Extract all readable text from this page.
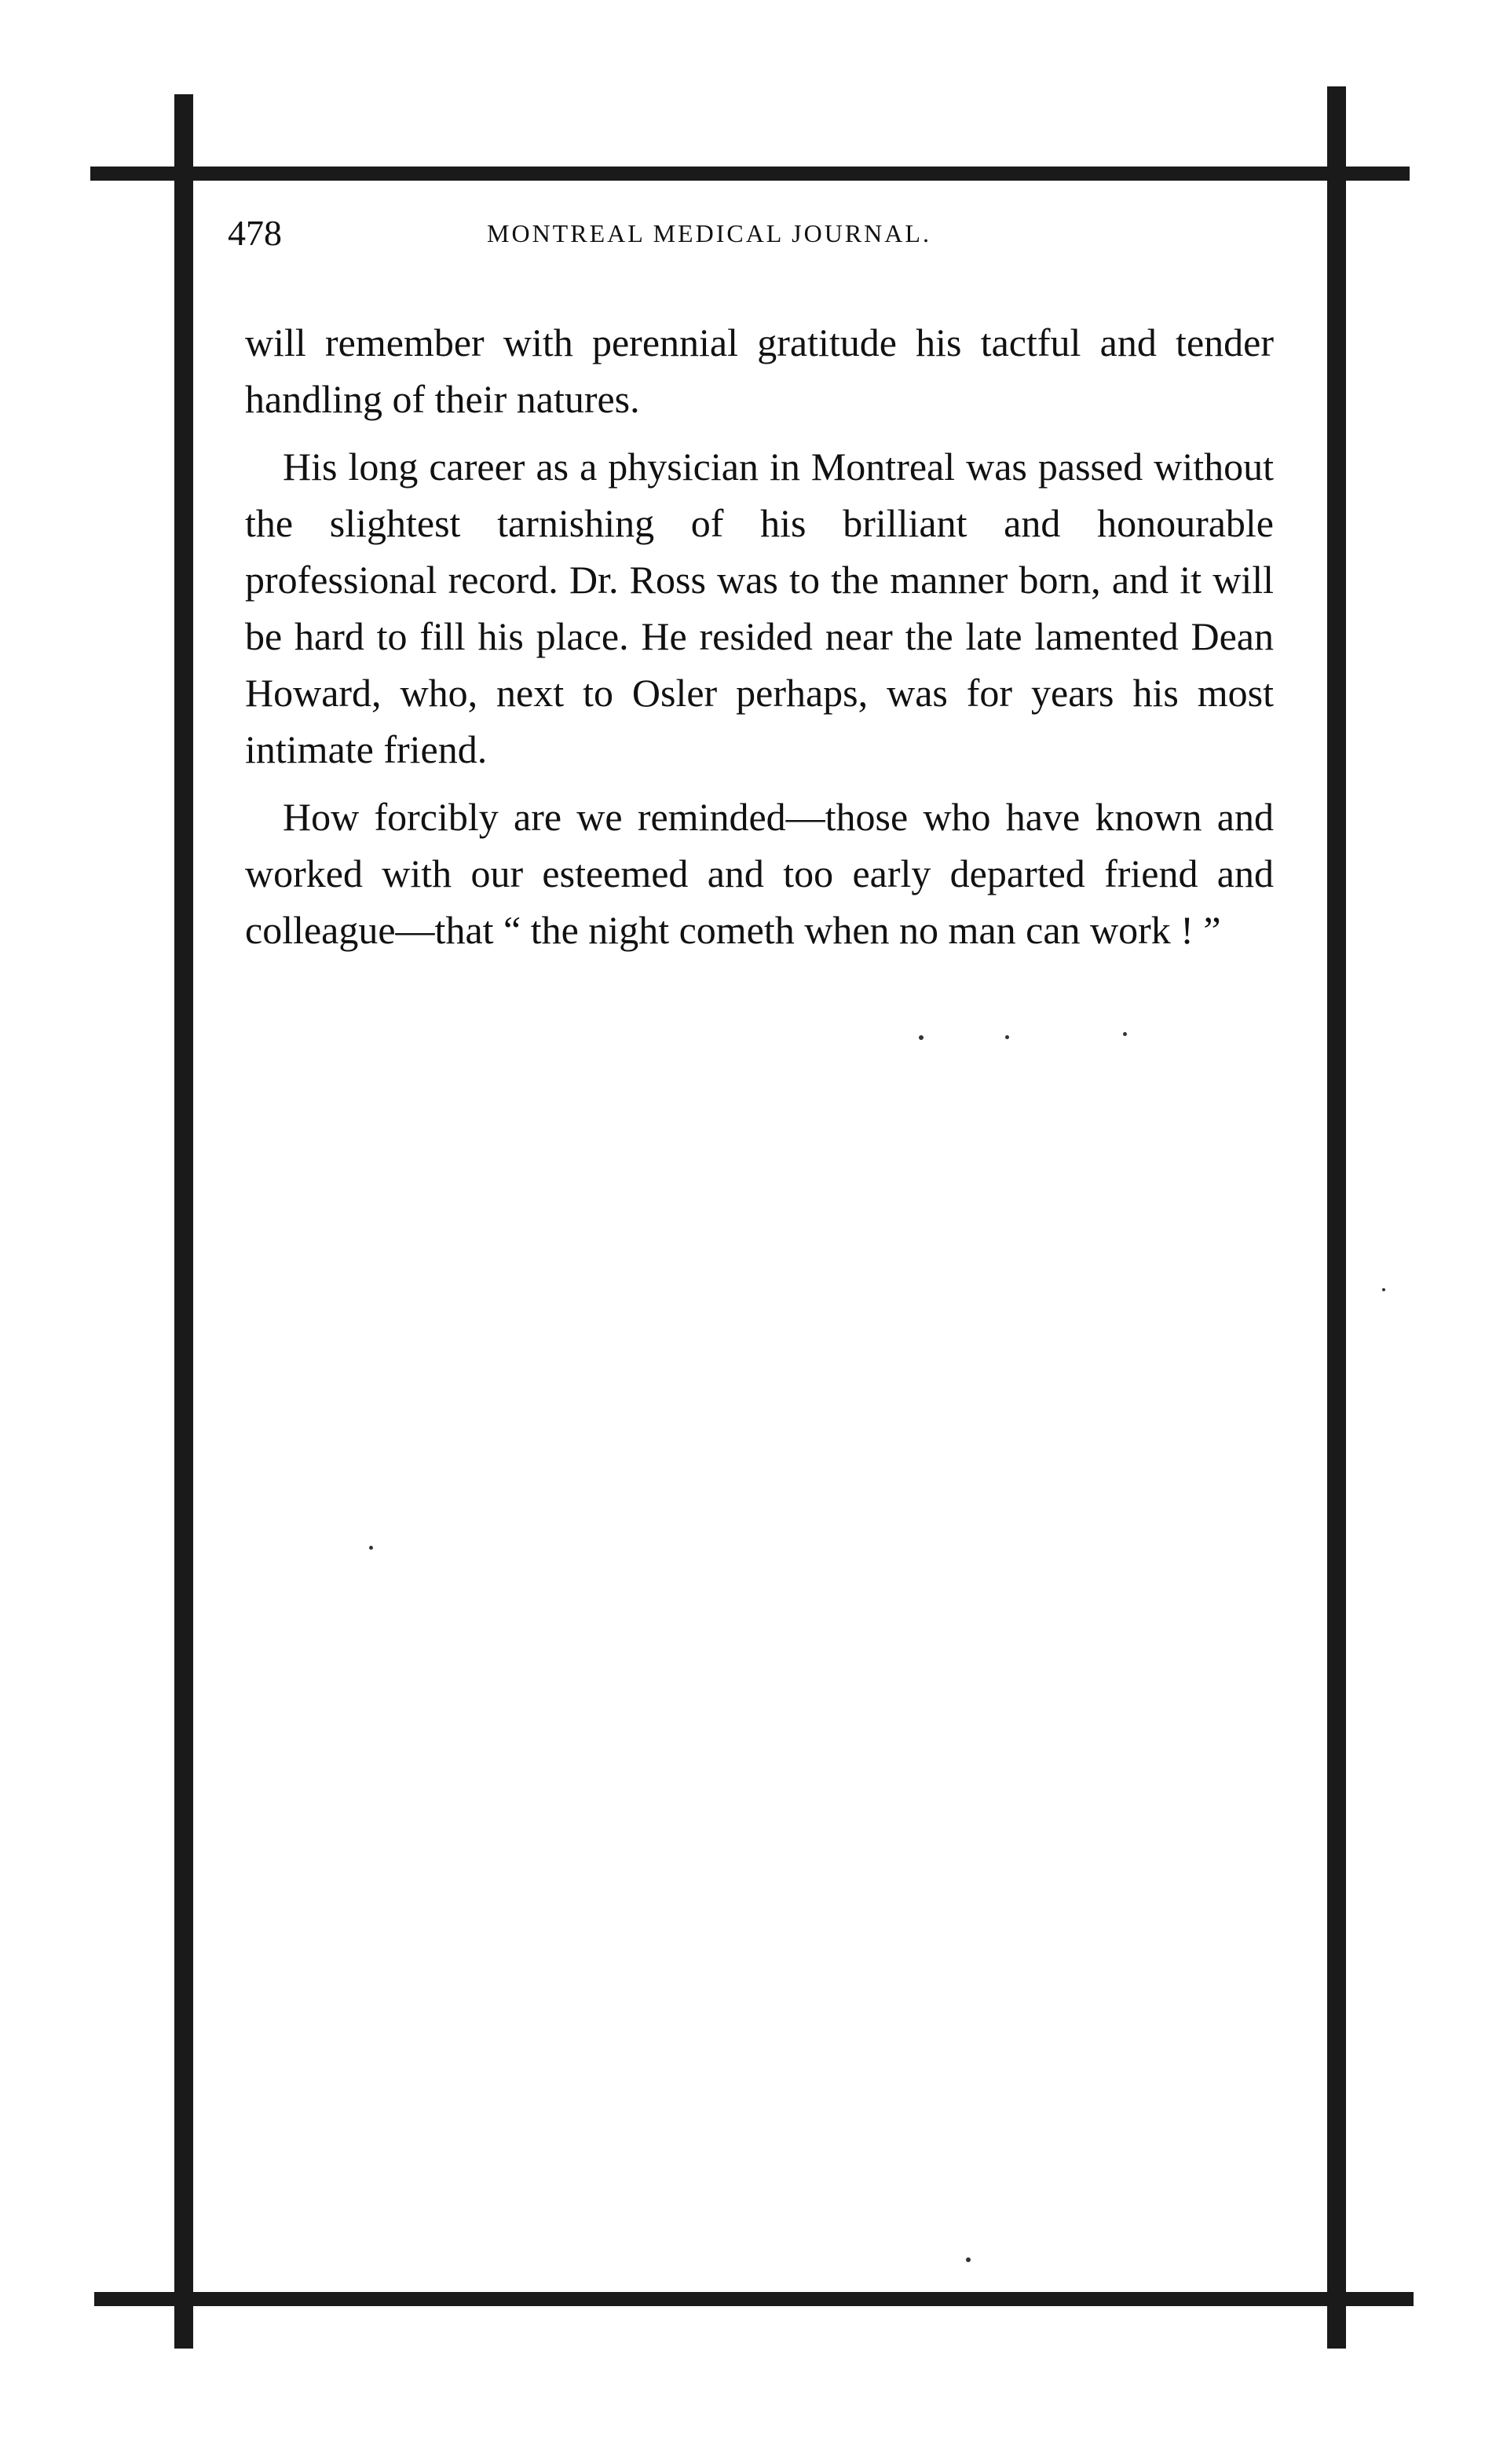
478	MONTREAL MEDICAL JOURNAL.

will remember with perennial gratitude his tactful and tender handling of their natures.

His long career as a physician in Montreal was passed without the slightest tarnishing of his brilliant and honourable professional record. Dr. Ross was to the manner born, and it will be hard to fill his place. He resided near the late lamented Dean Howard, who, next to Osler perhaps, was for years his most intimate friend.

How forcibly are we reminded—those who have known and worked with our esteemed and too early departed friend and colleague—that “ the night cometh when no man can work ! ”
